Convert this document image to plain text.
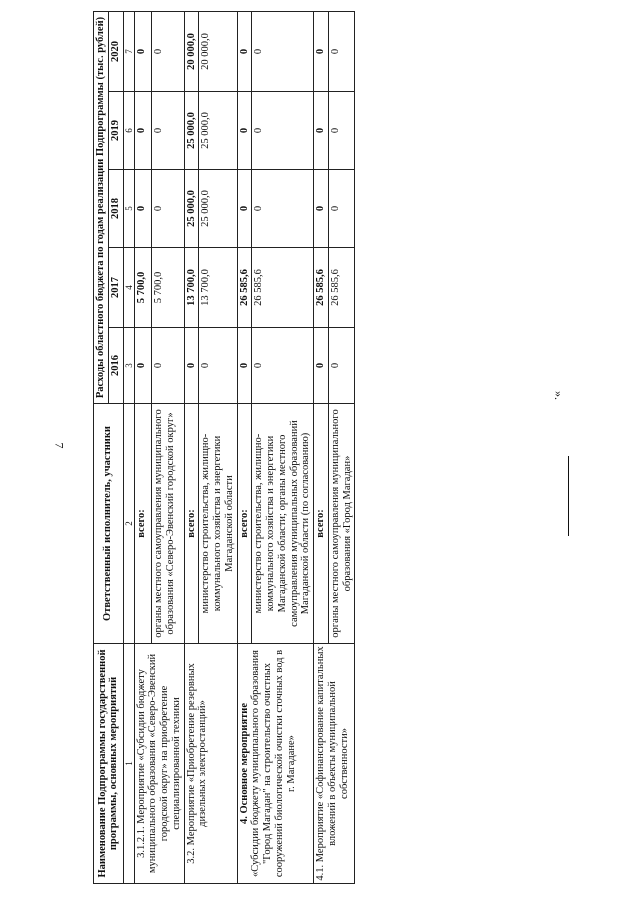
7
».
Наименование Подпрограммы государственной программы, основных мероприятий	Ответственный исполнитель, участники	Расходы областного бюджета по годам реализации Подпрограммы (тыс. рублей)				
		2016	2017	2018	2019	2020
1	2	3	4	5	6	7

3.1.2.1. Мероприятие «Субсидии бюджету муниципального образования «Северо-Эвенский городской округ» на приобретение специализированной техники	всего:	0	5 700,0	0	0	0
	органы местного самоуправления муниципального образования «Северо-Эвенский городской округ»	0	5 700,0	0	0	0

3.2. Мероприятие «Приобретение резервных дизельных электростанций»	всего:	0	13 700,0	25 000,0	25 000,0	20 000,0
	министерство строительства, жилищно-коммунального хозяйства и энергетики Магаданской области	0	13 700,0	25 000,0	25 000,0	20 000,0

4. Основное мероприятие «Субсидии бюджету муниципального образования "Город Магадан" на строительство очистных сооружений биологической очистки сточных вод в г. Магадане»	всего:	0	26 585,6	0	0	0
	министерство строительства, жилищно-коммунального хозяйства и энергетики Магаданской области; органы местного самоуправления муниципальных образований Магаданской области (по согласованию)	0	26 585,6	0	0	0

4.1. Мероприятие «Софинансирование капитальных вложений в объекты муниципальной собственности»	всего:	0	26 585,6	0	0	0
	органы местного самоуправления муниципального образования «Город Магадан»	0	26 585,6	0	0	0
